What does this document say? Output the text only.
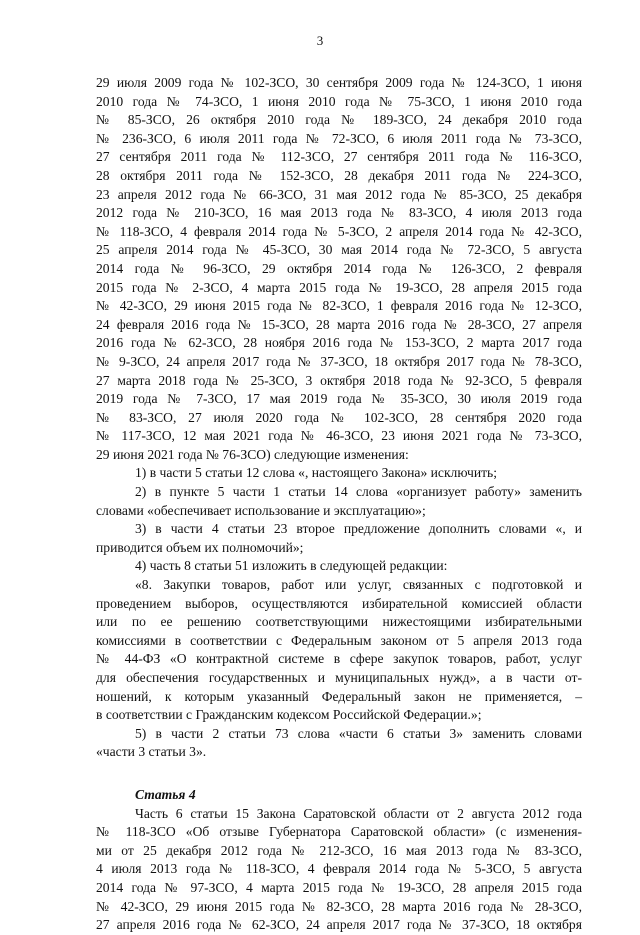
3
29 июля 2009 года № 102-ЗСО, 30 сентября 2009 года № 124-ЗСО, 1 июня
2010 года № 74-ЗСО, 1 июня 2010 года № 75-ЗСО, 1 июня 2010 года
№ 85-ЗСО, 26 октября 2010 года № 189-ЗСО, 24 декабря 2010 года
№ 236-ЗСО, 6 июля 2011 года № 72-ЗСО, 6 июля 2011 года № 73-ЗСО,
27 сентября 2011 года № 112-ЗСО, 27 сентября 2011 года № 116-ЗСО,
28 октября 2011 года № 152-ЗСО, 28 декабря 2011 года № 224-ЗСО,
23 апреля 2012 года № 66-ЗСО, 31 мая 2012 года № 85-ЗСО, 25 декабря
2012 года № 210-ЗСО, 16 мая 2013 года № 83-ЗСО, 4 июля 2013 года
№ 118-ЗСО, 4 февраля 2014 года № 5-ЗСО, 2 апреля 2014 года № 42-ЗСО,
25 апреля 2014 года № 45-ЗСО, 30 мая 2014 года № 72-ЗСО, 5 августа
2014 года № 96-ЗСО, 29 октября 2014 года № 126-ЗСО, 2 февраля
2015 года № 2-ЗСО, 4 марта 2015 года № 19-ЗСО, 28 апреля 2015 года
№ 42-ЗСО, 29 июня 2015 года № 82-ЗСО, 1 февраля 2016 года № 12-ЗСО,
24 февраля 2016 года № 15-ЗСО, 28 марта 2016 года № 28-ЗСО, 27 апреля
2016 года № 62-ЗСО, 28 ноября 2016 года № 153-ЗСО, 2 марта 2017 года
№ 9-ЗСО, 24 апреля 2017 года № 37-ЗСО, 18 октября 2017 года № 78-ЗСО,
27 марта 2018 года № 25-ЗСО, 3 октября 2018 года № 92-ЗСО, 5 февраля
2019 года № 7-ЗСО, 17 мая 2019 года № 35-ЗСО, 30 июля 2019 года
№ 83-ЗСО, 27 июля 2020 года № 102-ЗСО, 28 сентября 2020 года
№ 117-ЗСО, 12 мая 2021 года № 46-ЗСО, 23 июня 2021 года № 73-ЗСО,
29 июня 2021 года № 76-ЗСО) следующие изменения:
1) в части 5 статьи 12 слова «, настоящего Закона» исключить;
2) в пункте 5 части 1 статьи 14 слова «организует работу» заменить
словами «обеспечивает использование и эксплуатацию»;
3) в части 4 статьи 23 второе предложение дополнить словами «, и
приводится объем их полномочий»;
4) часть 8 статьи 51 изложить в следующей редакции:
«8. Закупки товаров, работ или услуг, связанных с подготовкой и
проведением выборов, осуществляются избирательной комиссией области
или по ее решению соответствующими нижестоящими избирательными
комиссиями в соответствии с Федеральным законом от 5 апреля 2013 года
№ 44-ФЗ «О контрактной системе в сфере закупок товаров, работ, услуг
для обеспечения государственных и муниципальных нужд», а в части от-
ношений, к которым указанный Федеральный закон не применяется, –
в соответствии с Гражданским кодексом Российской Федерации.»;
5) в части 2 статьи 73 слова «части 6 статьи 3» заменить словами
«части 3 статьи 3».
Статья 4
Часть 6 статьи 15 Закона Саратовской области от 2 августа 2012 года
№ 118-ЗСО «Об отзыве Губернатора Саратовской области» (с изменения-
ми от 25 декабря 2012 года № 212-ЗСО, 16 мая 2013 года № 83-ЗСО,
4 июля 2013 года № 118-ЗСО, 4 февраля 2014 года № 5-ЗСО, 5 августа
2014 года № 97-ЗСО, 4 марта 2015 года № 19-ЗСО, 28 апреля 2015 года
№ 42-ЗСО, 29 июня 2015 года № 82-ЗСО, 28 марта 2016 года № 28-ЗСО,
27 апреля 2016 года № 62-ЗСО, 24 апреля 2017 года № 37-ЗСО, 18 октября
